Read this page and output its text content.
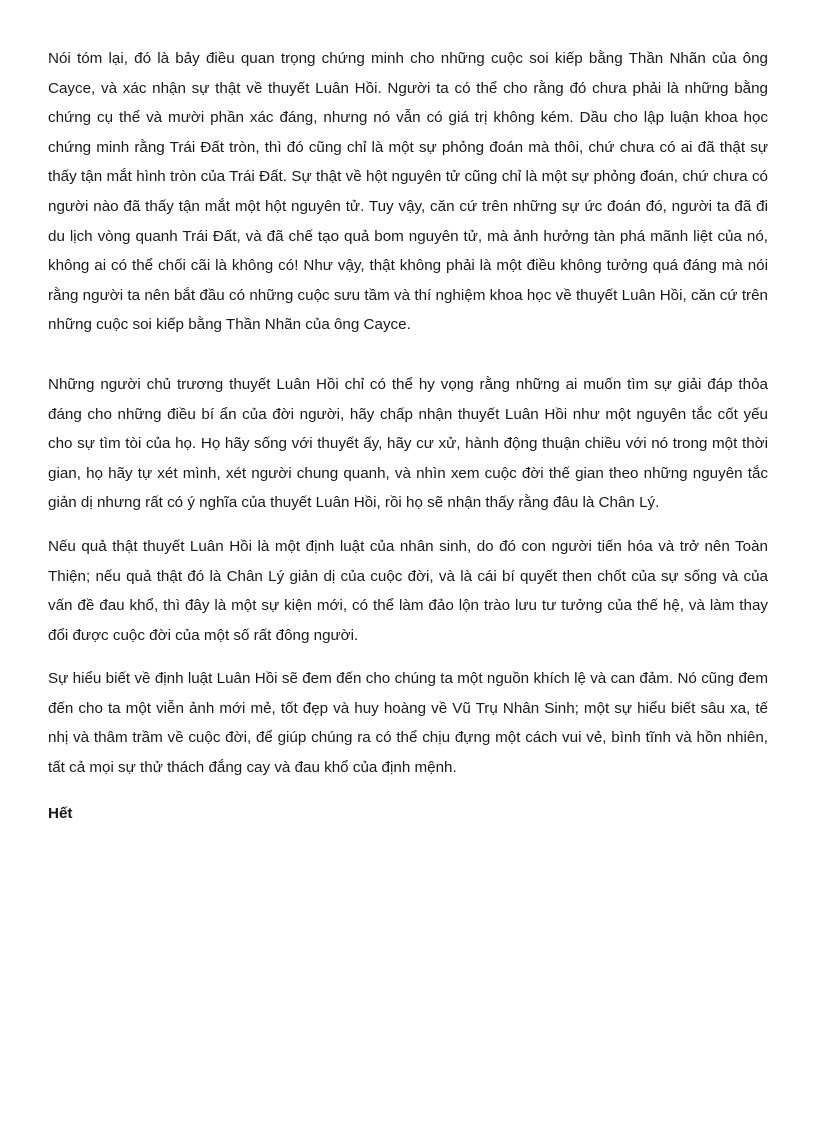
Nói tóm lại, đó là bảy điều quan trọng chứng minh cho những cuộc soi kiếp bằng Thần Nhãn của ông Cayce, và xác nhận sự thật về thuyết Luân Hồi. Người ta có thể cho rằng đó chưa phải là những bằng chứng cụ thể và mười phần xác đáng, nhưng nó vẫn có giá trị không kém. Dầu cho lập luận khoa học chứng minh rằng Trái Đất tròn, thì đó cũng chỉ là một sự phỏng đoán mà thôi, chứ chưa có ai đã thật sự thấy tận mắt hình tròn của Trái Đất. Sự thật về hột nguyên tử cũng chỉ là một sự phỏng đoán, chứ chưa có người nào đã thấy tận mắt một hột nguyên tử. Tuy vậy, căn cứ trên những sự ức đoán đó, người ta đã đi du lịch vòng quanh Trái Đất, và đã chế tạo quả bom nguyên tử, mà ảnh hưởng tàn phá mãnh liệt của nó, không ai có thể chối cãi là không có! Như vậy, thật không phải là một điều không tưởng quá đáng mà nói rằng người ta nên bắt đầu có những cuộc sưu tầm và thí nghiệm khoa học về thuyết Luân Hồi, căn cứ trên những cuộc soi kiếp bằng Thần Nhãn của ông Cayce.

Những người chủ trương thuyết Luân Hồi chỉ có thể hy vọng rằng những ai muốn tìm sự giải đáp thỏa đáng cho những điều bí ẩn của đời người, hãy chấp nhận thuyết Luân Hồi như một nguyên tắc cốt yếu cho sự tìm tòi của họ. Họ hãy sống với thuyết ấy, hãy cư xử, hành động thuận chiều với nó trong một thời gian, họ hãy tự xét mình, xét người chung quanh, và nhìn xem cuộc đời thế gian theo những nguyên tắc giản dị nhưng rất có ý nghĩa của thuyết Luân Hồi, rồi họ sẽ nhận thấy rằng đâu là Chân Lý.

Nếu quả thật thuyết Luân Hồi là một định luật của nhân sinh, do đó con người tiến hóa và trở nên Toàn Thiện; nếu quả thật đó là Chân Lý giản dị của cuộc đời, và là cái bí quyết then chốt của sự sống và của vấn đề đau khổ, thì đây là một sự kiện mới, có thể làm đảo lộn trào lưu tư tưởng của thế hệ, và làm thay đổi được cuộc đời của một số rất đông người.

Sự hiểu biết về định luật Luân Hồi sẽ đem đến cho chúng ta một nguồn khích lệ và can đảm. Nó cũng đem đến cho ta một viễn ảnh mới mẻ, tốt đẹp và huy hoàng về Vũ Trụ Nhân Sinh; một sự hiểu biết sâu xa, tế nhị và thâm trầm về cuộc đời, để giúp chúng ra có thể chịu đựng một cách vui vẻ, bình tĩnh và hồn nhiên, tất cả mọi sự thử thách đắng cay và đau khổ của định mệnh.

Hết
